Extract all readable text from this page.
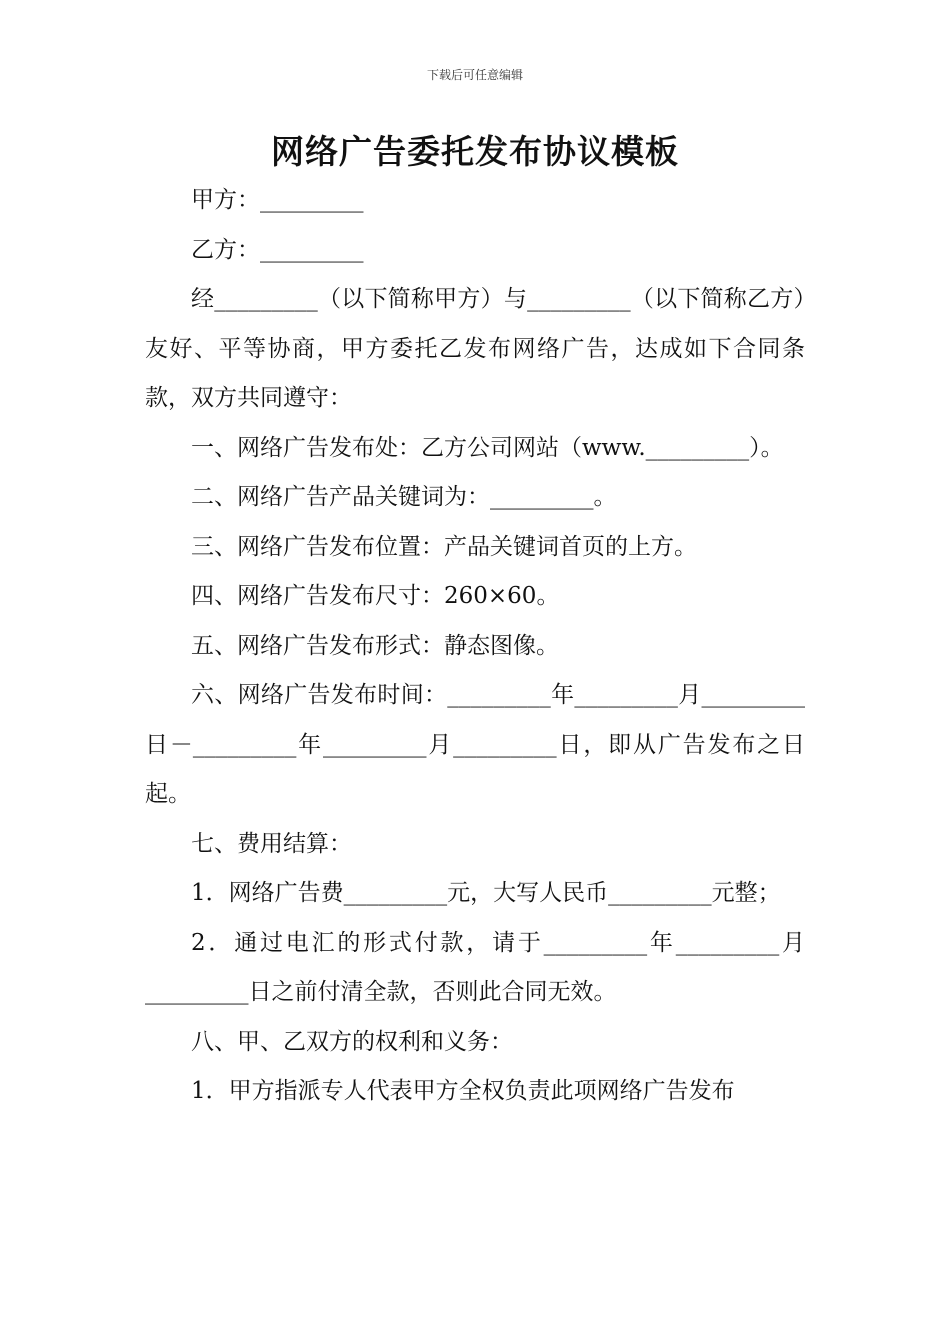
下载后可任意编辑
网络广告委托发布协议模板

甲方：_________

乙方：_________

经_________（以下简称甲方）与_________（以下简称乙方）友好、平等协商，甲方委托乙发布网络广告，达成如下合同条款，双方共同遵守：

一、网络广告发布处：乙方公司网站（www._________）。

二、网络广告产品关键词为：_________。

三、网络广告发布位置：产品关键词首页的上方。

四、网络广告发布尺寸：260×60。

五、网络广告发布形式：静态图像。

六、网络广告发布时间：_________年_________月_________日－_________年_________月_________日，即从广告发布之日起。

七、费用结算：

1．网络广告费_________元，大写人民币_________元整；

2．通过电汇的形式付款，请于_________年_________月_________日之前付清全款，否则此合同无效。

八、甲、乙双方的权利和义务：

1．甲方指派专人代表甲方全权负责此项网络广告发布
